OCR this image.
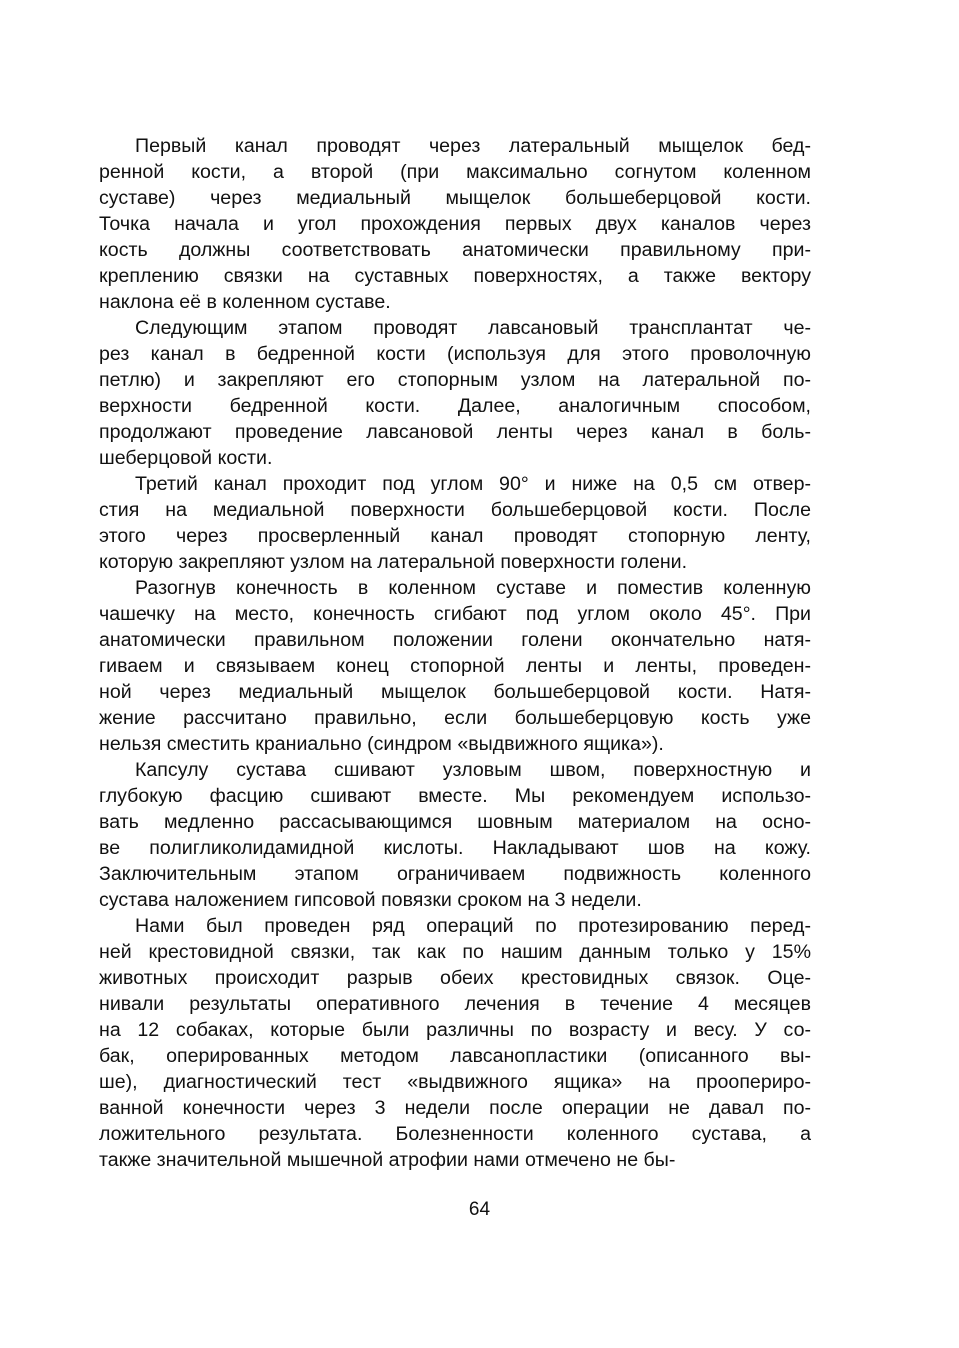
Первый канал проводят через латеральный мыщелок бед-
ренной кости, а второй (при максимально согнутом коленном
суставе) через медиальный мыщелок большеберцовой кости.
Точка начала и угол прохождения первых двух каналов через
кость должны соответствовать анатомически правильному при-
креплению связки на суставных поверхностях, а также вектору
наклона её в коленном суставе.
Следующим этапом проводят лавсановый трансплантат че-
рез канал в бедренной кости (используя для этого проволочную
петлю) и закрепляют его стопорным узлом на латеральной по-
верхности бедренной кости. Далее, аналогичным способом,
продолжают проведение лавсановой ленты через канал в боль-
шеберцовой кости.
Третий канал проходит под углом 90° и ниже на 0,5 см отвер-
стия на медиальной поверхности большеберцовой кости. После
этого через просверленный канал проводят стопорную ленту,
которую закрепляют узлом на латеральной поверхности голени.
Разогнув конечность в коленном суставе и поместив коленную
чашечку на место, конечность сгибают под углом около 45°. При
анатомически правильном положении голени окончательно натя-
гиваем и связываем конец стопорной ленты и ленты, проведен-
ной через медиальный мыщелок большеберцовой кости. Натя-
жение рассчитано правильно, если большеберцовую кость уже
нельзя сместить краниально (синдром «выдвижного ящика»).
Капсулу сустава сшивают узловым швом, поверхностную и
глубокую фасцию сшивают вместе. Мы рекомендуем использо-
вать медленно рассасывающимся шовным материалом на осно-
ве полигликолидамидной кислоты. Накладывают шов на кожу.
Заключительным этапом ограничиваем подвижность коленного
сустава наложением гипсовой повязки сроком на 3 недели.
Нами был проведен ряд операций по протезированию перед-
ней крестовидной связки, так как по нашим данным только у 15%
животных происходит разрыв обеих крестовидных связок. Оце-
нивали результаты оперативного лечения в течение 4 месяцев
на 12 собаках, которые были различны по возрасту и весу. У со-
бак, оперированных методом лавсанопластики (описанного вы-
ше), диагностический тест «выдвижного ящика» на проопериро-
ванной конечности через 3 недели после операции не давал по-
ложительного результата. Болезненности коленного сустава, а
также значительной мышечной атрофии нами отмечено не бы-
64
